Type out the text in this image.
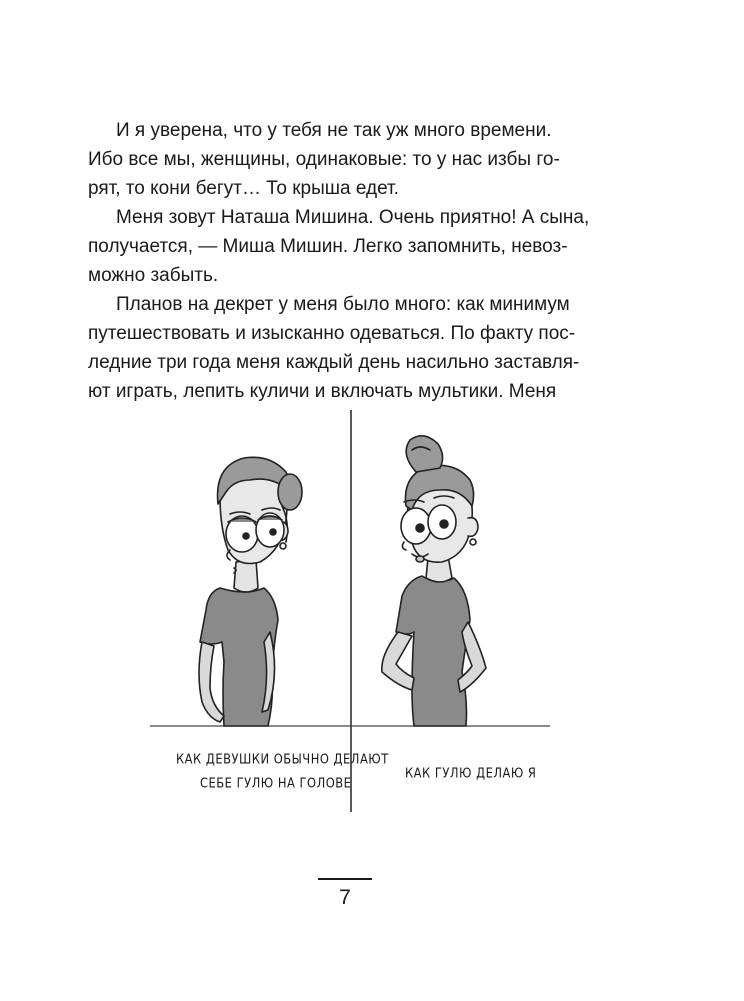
И я уверена, что у тебя не так уж много времени.
Ибо все мы, женщины, одинаковые: то у нас избы го-
рят, то кони бегут… То крыша едет.

Меня зовут Наташа Мишина. Очень приятно! А сына,
получается, — Миша Мишин. Легко запомнить, невоз-
можно забыть.

Планов на декрет у меня было много: как минимум
путешествовать и изысканно одеваться. По факту пос-
ледние три года меня каждый день насильно заставля-
ют играть, лепить куличи и включать мультики. Меня

КАК ДЕВУШКИ ОБЫЧНО ДЕЛАЮТ
СЕБЕ ГУЛЮ НА ГОЛОВЕ
КАК ГУЛЮ ДЕЛАЮ Я
7
